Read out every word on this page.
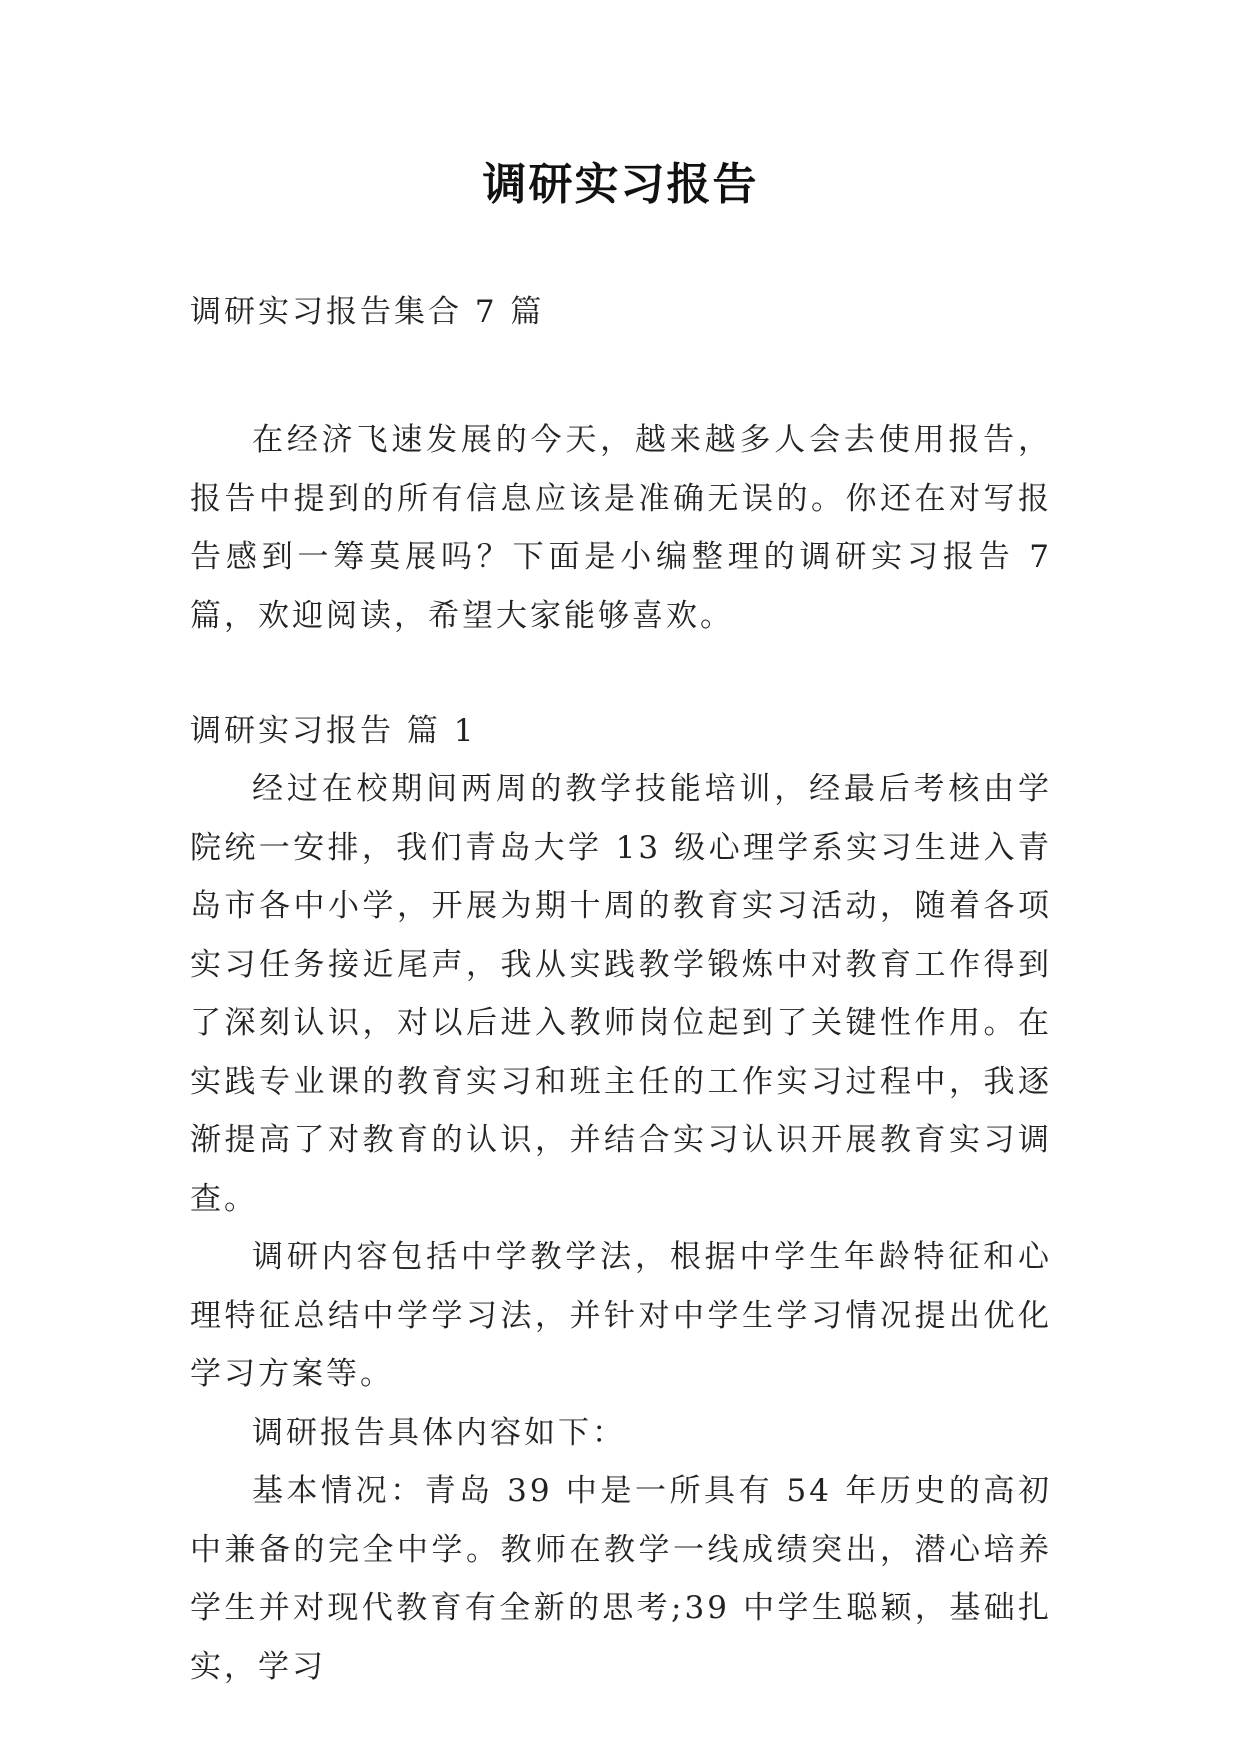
调研实习报告
调研实习报告集合 7 篇

在经济飞速发展的今天，越来越多人会去使用报告，报告中提到的所有信息应该是准确无误的。你还在对写报告感到一筹莫展吗？下面是小编整理的调研实习报告 7 篇，欢迎阅读，希望大家能够喜欢。

调研实习报告 篇 1

经过在校期间两周的教学技能培训，经最后考核由学院统一安排，我们青岛大学 13 级心理学系实习生进入青岛市各中小学，开展为期十周的教育实习活动，随着各项实习任务接近尾声，我从实践教学锻炼中对教育工作得到了深刻认识，对以后进入教师岗位起到了关键性作用。在实践专业课的教育实习和班主任的工作实习过程中，我逐渐提高了对教育的认识，并结合实习认识开展教育实习调查。

调研内容包括中学教学法，根据中学生年龄特征和心理特征总结中学学习法，并针对中学生学习情况提出优化学习方案等。

调研报告具体内容如下：

基本情况：青岛 39 中是一所具有 54 年历史的高初中兼备的完全中学。教师在教学一线成绩突出，潜心培养学生并对现代教育有全新的思考;39 中学生聪颖，基础扎实，学习
